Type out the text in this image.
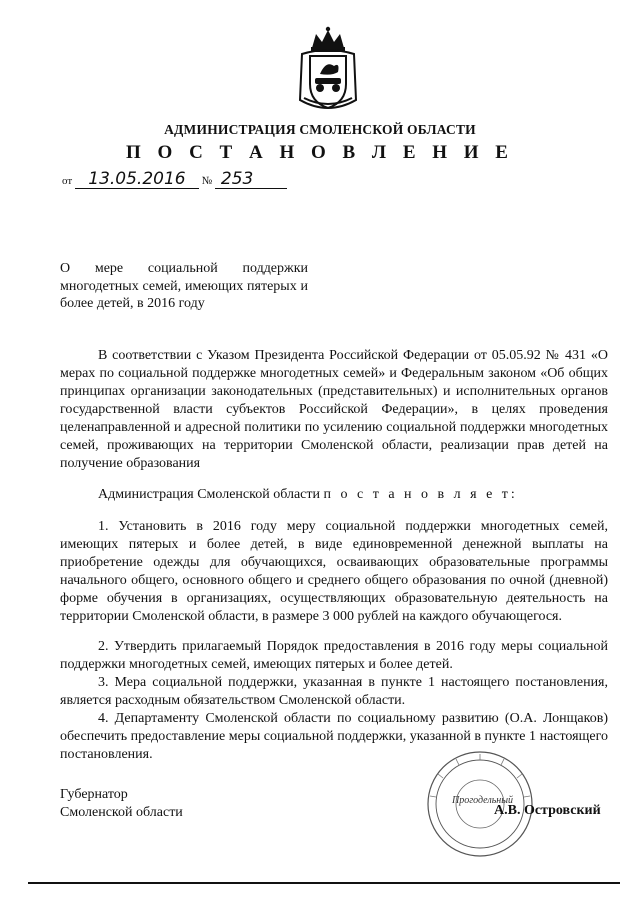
АДМИНИСТРАЦИЯ СМОЛЕНСКОЙ ОБЛАСТИ
П О С Т А Н О В Л Е Н И Е
от 13.05.2016 № 253
О мере социальной поддержки многодетных семей, имеющих пятерых и более детей, в 2016 году

В соответствии с Указом Президента Российской Федерации от 05.05.92 № 431 «О мерах по социальной поддержке многодетных семей» и Федеральным законом «Об общих принципах организации законодательных (представительных) и исполнительных органов государственной власти субъектов Российской Федерации», в целях проведения целенаправленной и адресной политики по усилению социальной поддержки многодетных семей, проживающих на территории Смоленской области, реализации прав детей на получение образования

Администрация Смоленской области п о с т а н о в л я е т:

1. Установить в 2016 году меру социальной поддержки многодетных семей, имеющих пятерых и более детей, в виде единовременной денежной выплаты на приобретение одежды для обучающихся, осваивающих образовательные программы начального общего, основного общего и среднего общего образования по очной (дневной) форме обучения в организациях, осуществляющих образовательную деятельность на территории Смоленской области, в размере 3 000 рублей на каждого обучающегося.

2. Утвердить прилагаемый Порядок предоставления в 2016 году меры социальной поддержки многодетных семей, имеющих пятерых и более детей.

3. Мера социальной поддержки, указанная в пункте 1 настоящего постановления, является расходным обязательством Смоленской области.

4. Департаменту Смоленской области по социальному развитию (О.А. Лонщаков) обеспечить предоставление меры социальной поддержки, указанной в пункте 1 настоящего постановления.

Губернатор
Смоленской области
Прогодельный
А.В. Островский
